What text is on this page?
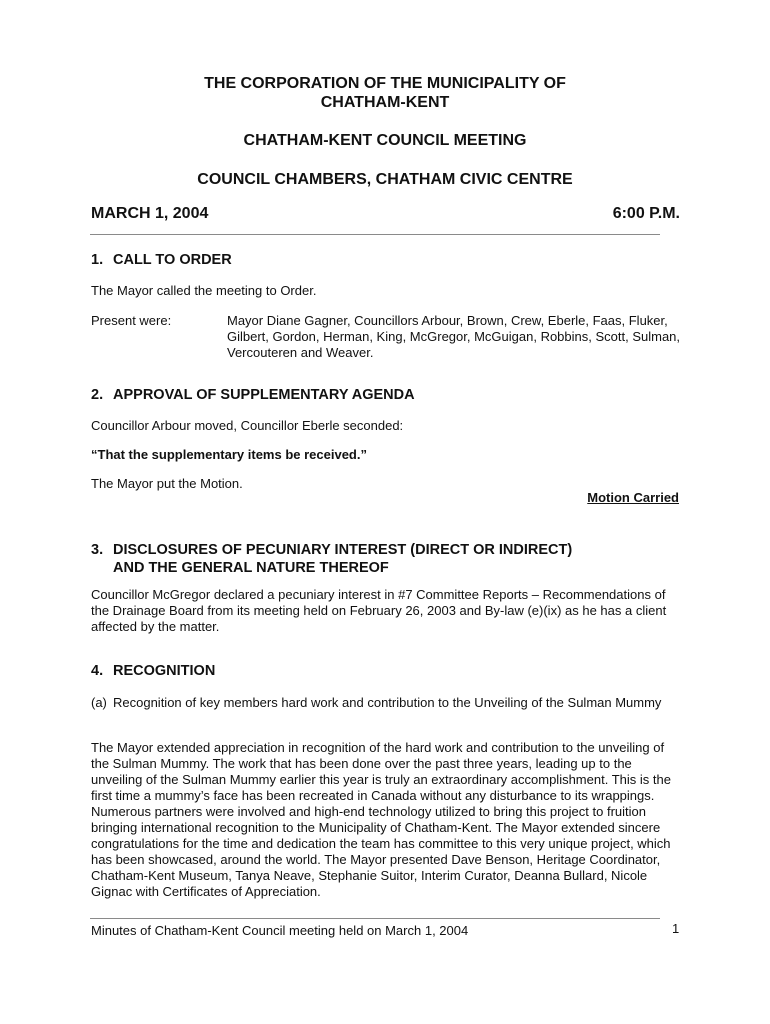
THE CORPORATION OF THE MUNICIPALITY OF
CHATHAM-KENT
CHATHAM-KENT COUNCIL MEETING
COUNCIL CHAMBERS, CHATHAM CIVIC CENTRE
MARCH 1, 2004	6:00 P.M.
1. CALL TO ORDER
The Mayor called the meeting to Order.
Present were:	Mayor Diane Gagner, Councillors Arbour, Brown, Crew, Eberle, Faas, Fluker, Gilbert, Gordon, Herman, King, McGregor, McGuigan, Robbins, Scott, Sulman, Vercouteren and Weaver.
2. APPROVAL OF SUPPLEMENTARY AGENDA
Councillor Arbour moved, Councillor Eberle seconded:
“That the supplementary items be received.”
The Mayor put the Motion.
Motion Carried
3. DISCLOSURES OF PECUNIARY INTEREST (DIRECT OR INDIRECT)
AND THE GENERAL NATURE THEREOF
Councillor McGregor declared a pecuniary interest in #7 Committee Reports – Recommendations of the Drainage Board from its meeting held on February 26, 2003 and By-law (e)(ix) as he has a client affected by the matter.
4. RECOGNITION
(a) Recognition of key members hard work and contribution to the Unveiling of the Sulman Mummy
The Mayor extended appreciation in recognition of the hard work and contribution to the unveiling of the Sulman Mummy. The work that has been done over the past three years, leading up to the unveiling of the Sulman Mummy earlier this year is truly an extraordinary accomplishment. This is the first time a mummy’s face has been recreated in Canada without any disturbance to its wrappings. Numerous partners were involved and high-end technology utilized to bring this project to fruition bringing international recognition to the Municipality of Chatham-Kent. The Mayor extended sincere congratulations for the time and dedication the team has committee to this very unique project, which has been showcased, around the world. The Mayor presented Dave Benson, Heritage Coordinator, Chatham-Kent Museum, Tanya Neave, Stephanie Suitor, Interim Curator, Deanna Bullard, Nicole Gignac with Certificates of Appreciation.
Minutes of Chatham-Kent Council meeting held on March 1, 2004	1
